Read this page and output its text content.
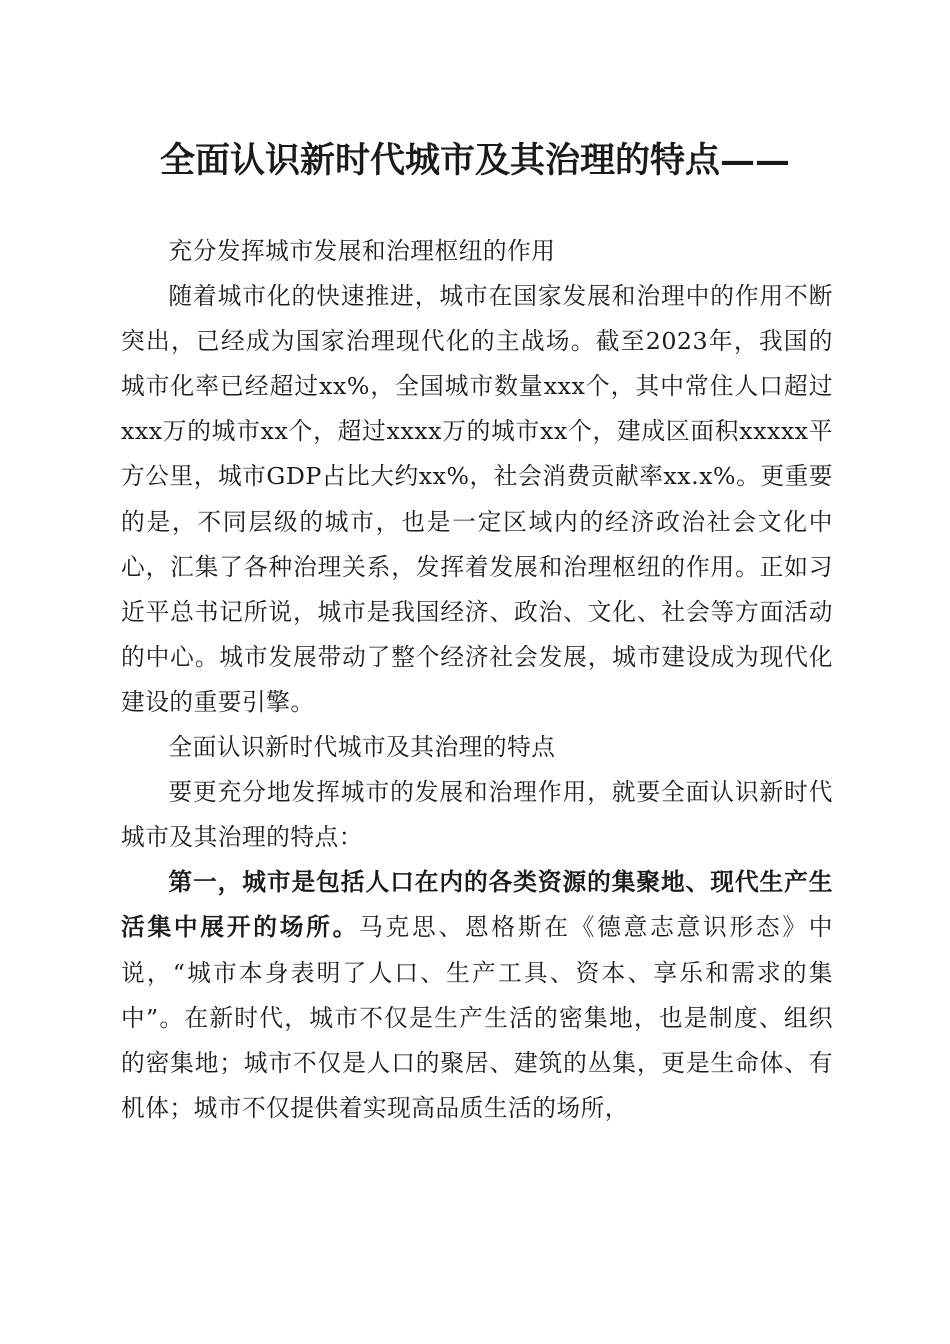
全面认识新时代城市及其治理的特点——

充分发挥城市发展和治理枢纽的作用

随着城市化的快速推进，城市在国家发展和治理中的作用不断突出，已经成为国家治理现代化的主战场。截至2023年，我国的城市化率已经超过xx%，全国城市数量xxx个，其中常住人口超过xxx万的城市xx个，超过xxxx万的城市xx个，建成区面积xxxxx平方公里，城市GDP占比大约xx%，社会消费贡献率xx.x%。更重要的是，不同层级的城市，也是一定区域内的经济政治社会文化中心，汇集了各种治理关系，发挥着发展和治理枢纽的作用。正如习近平总书记所说，城市是我国经济、政治、文化、社会等方面活动的中心。城市发展带动了整个经济社会发展，城市建设成为现代化建设的重要引擎。

全面认识新时代城市及其治理的特点

要更充分地发挥城市的发展和治理作用，就要全面认识新时代城市及其治理的特点：

第一，城市是包括人口在内的各类资源的集聚地、现代生产生活集中展开的场所。马克思、恩格斯在《德意志意识形态》中说，“城市本身表明了人口、生产工具、资本、享乐和需求的集中”。在新时代，城市不仅是生产生活的密集地，也是制度、组织的密集地；城市不仅是人口的聚居、建筑的丛集，更是生命体、有机体；城市不仅提供着实现高品质生活的场所，
